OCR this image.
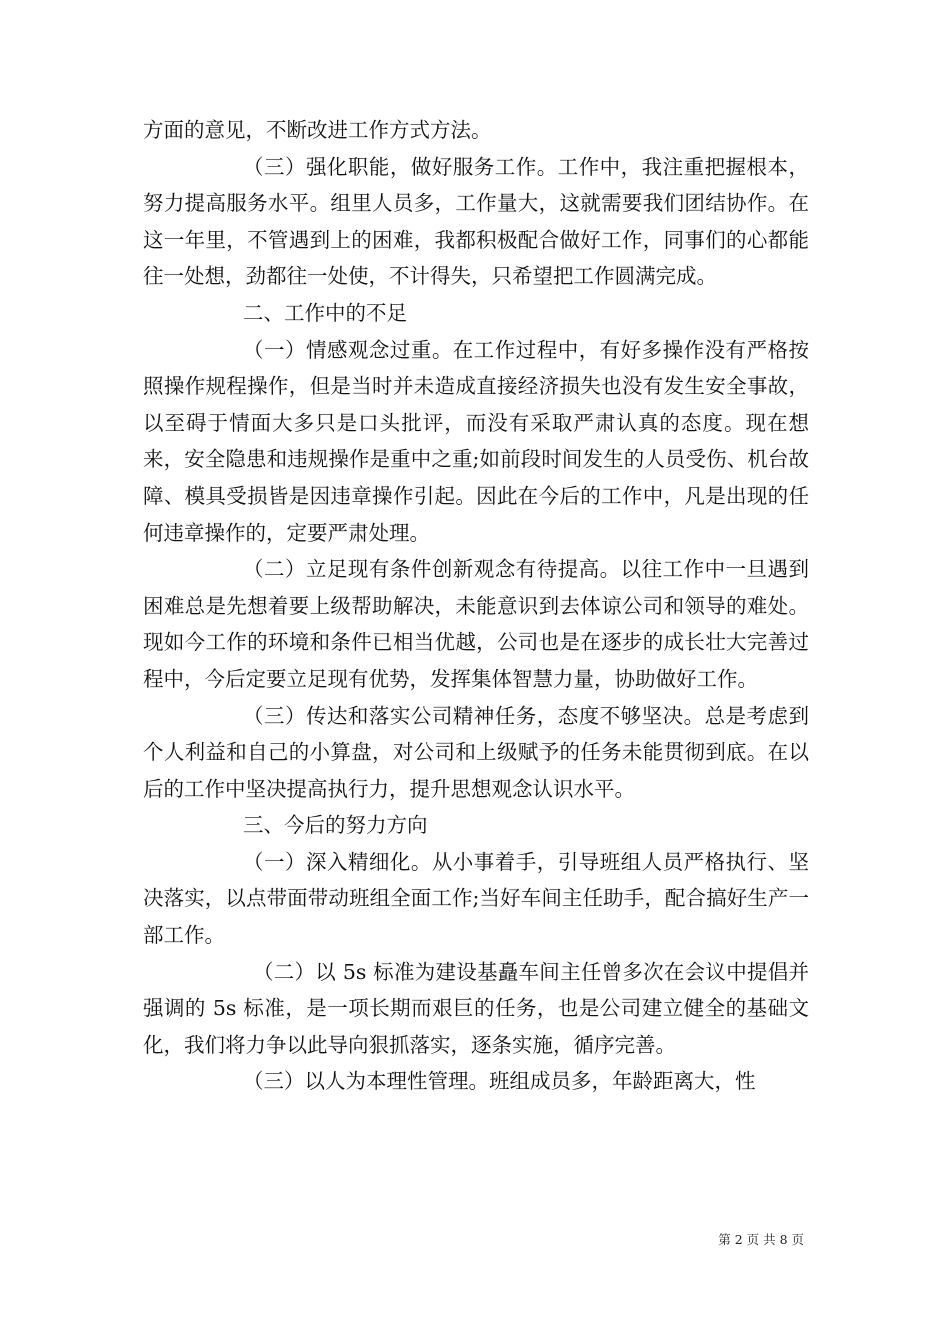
方面的意见，不断改进工作方式方法。

（三）强化职能，做好服务工作。工作中，我注重把握根本，努力提高服务水平。组里人员多，工作量大，这就需要我们团结协作。在这一年里，不管遇到上的困难，我都积极配合做好工作，同事们的心都能往一处想，劲都往一处使，不计得失，只希望把工作圆满完成。

二、工作中的不足

（一）情感观念过重。在工作过程中，有好多操作没有严格按照操作规程操作，但是当时并未造成直接经济损失也没有发生安全事故，以至碍于情面大多只是口头批评，而没有采取严肃认真的态度。现在想来，安全隐患和违规操作是重中之重;如前段时间发生的人员受伤、机台故障、模具受损皆是因违章操作引起。因此在今后的工作中，凡是出现的任何违章操作的，定要严肃处理。

（二）立足现有条件创新观念有待提高。以往工作中一旦遇到困难总是先想着要上级帮助解决，未能意识到去体谅公司和领导的难处。现如今工作的环境和条件已相当优越，公司也是在逐步的成长壮大完善过程中，今后定要立足现有优势，发挥集体智慧力量，协助做好工作。

（三）传达和落实公司精神任务，态度不够坚决。总是考虑到个人利益和自己的小算盘，对公司和上级赋予的任务未能贯彻到底。在以后的工作中坚决提高执行力，提升思想观念认识水平。

三、今后的努力方向

（一）深入精细化。从小事着手，引导班组人员严格执行、坚决落实，以点带面带动班组全面工作;当好车间主任助手，配合搞好生产一部工作。

（二）以 5s 标准为建设基矗车间主任曾多次在会议中提倡并强调的 5s 标准，是一项长期而艰巨的任务，也是公司建立健全的基础文化，我们将力争以此导向狠抓落实，逐条实施，循序完善。

（三）以人为本理性管理。班组成员多，年龄距离大，性

第 2 页 共 8 页
